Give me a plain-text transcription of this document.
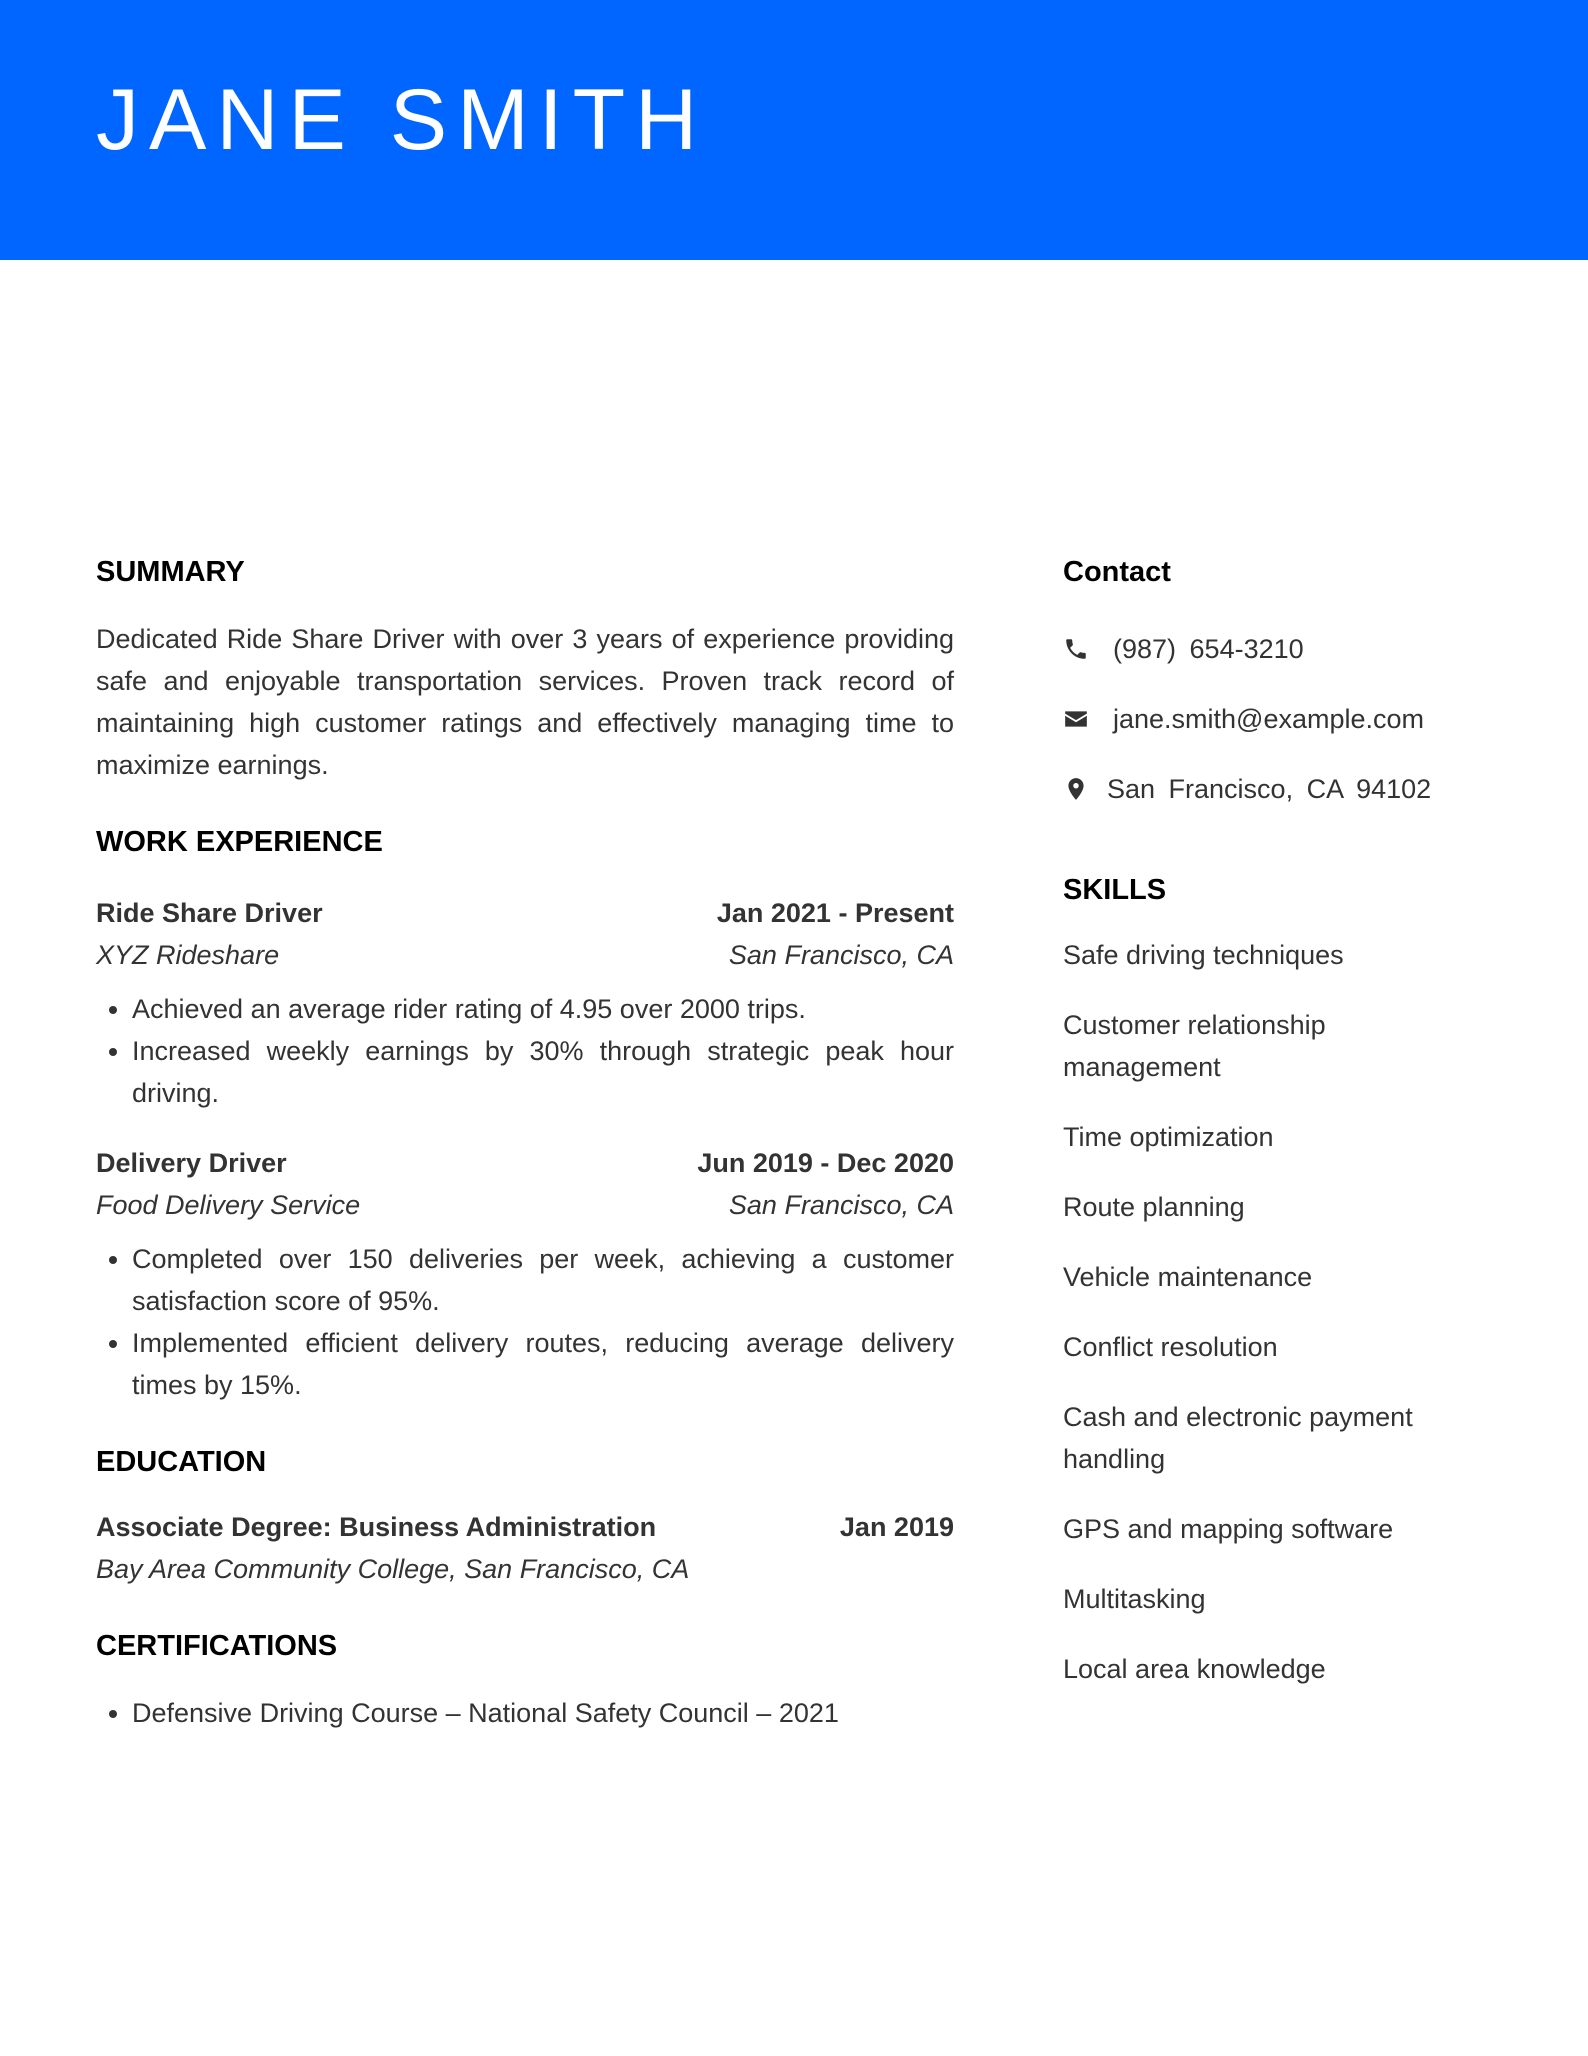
JANE SMITH
SUMMARY

Dedicated Ride Share Driver with over 3 years of experience providing safe and enjoyable transportation services. Proven track record of maintaining high customer ratings and effectively managing time to maximize earnings.

WORK EXPERIENCE
Ride Share Driver	Jan 2021 - Present
XYZ Rideshare	San Francisco, CA
• Achieved an average rider rating of 4.95 over 2000 trips.
• Increased weekly earnings by 30% through strategic peak hour driving.
Delivery Driver	Jun 2019 - Dec 2020
Food Delivery Service	San Francisco, CA
• Completed over 150 deliveries per week, achieving a customer satisfaction score of 95%.
• Implemented efficient delivery routes, reducing average delivery times by 15%.
EDUCATION
Associate Degree: Business Administration	Jan 2019
Bay Area Community College, San Francisco, CA
CERTIFICATIONS
• Defensive Driving Course – National Safety Council – 2021
Contact
(987) 654-3210
jane.smith@example.com
San Francisco, CA 94102
SKILLS
Safe driving techniques
Customer relationship management
Time optimization
Route planning
Vehicle maintenance
Conflict resolution
Cash and electronic payment handling
GPS and mapping software
Multitasking
Local area knowledge
